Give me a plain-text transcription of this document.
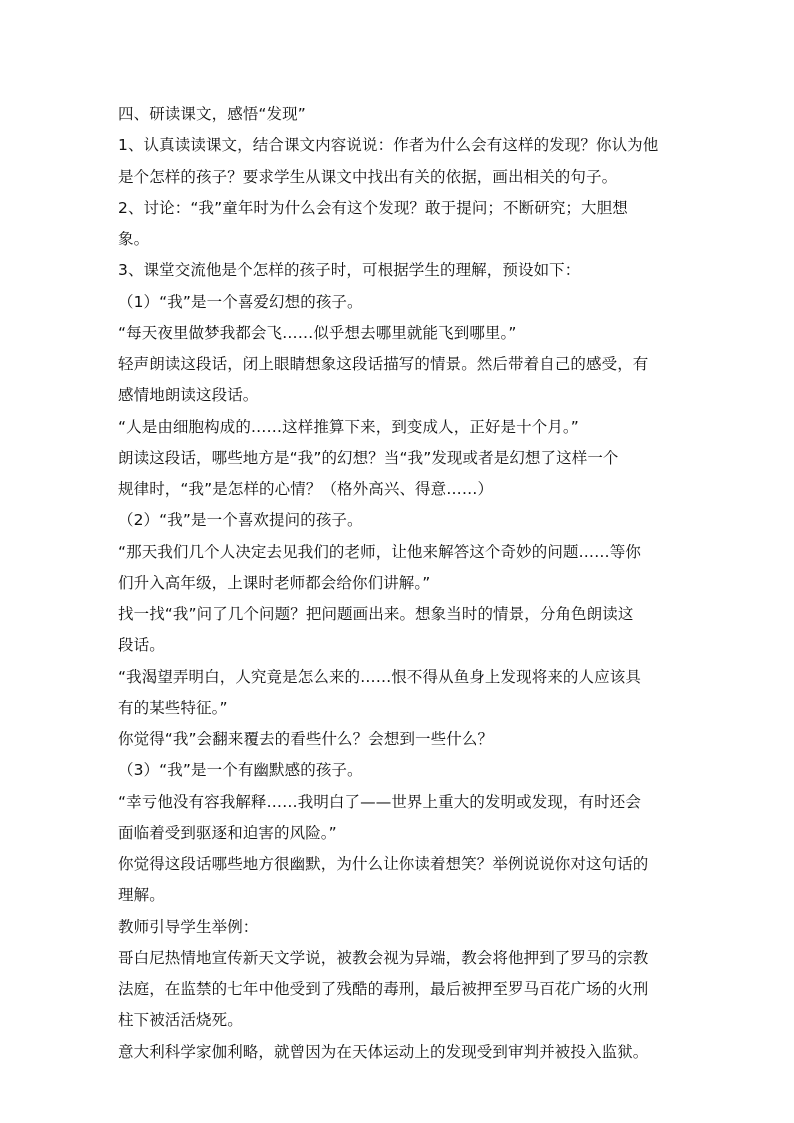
四、研读课文，感悟“发现”
1、认真读读课文，结合课文内容说说：作者为什么会有这样的发现？你认为他
是个怎样的孩子？要求学生从课文中找出有关的依据，画出相关的句子。
2、讨论：“我”童年时为什么会有这个发现？敢于提问；不断研究；大胆想
象。
3、课堂交流他是个怎样的孩子时，可根据学生的理解，预设如下：
（1）“我”是一个喜爱幻想的孩子。
“每天夜里做梦我都会飞……似乎想去哪里就能飞到哪里。”
轻声朗读这段话，闭上眼睛想象这段话描写的情景。然后带着自己的感受，有
感情地朗读这段话。
“人是由细胞构成的……这样推算下来，到变成人，正好是十个月。”
朗读这段话，哪些地方是“我”的幻想？当“我”发现或者是幻想了这样一个
规律时，“我”是怎样的心情？（格外高兴、得意……）
（2）“我”是一个喜欢提问的孩子。
“那天我们几个人决定去见我们的老师，让他来解答这个奇妙的问题……等你
们升入高年级，上课时老师都会给你们讲解。”
找一找“我”问了几个问题？把问题画出来。想象当时的情景，分角色朗读这
段话。
“我渴望弄明白，人究竟是怎么来的……恨不得从鱼身上发现将来的人应该具
有的某些特征。”
你觉得“我”会翻来覆去的看些什么？会想到一些什么？
（3）“我”是一个有幽默感的孩子。
“幸亏他没有容我解释……我明白了——世界上重大的发明或发现，有时还会
面临着受到驱逐和迫害的风险。”
你觉得这段话哪些地方很幽默，为什么让你读着想笑？举例说说你对这句话的
理解。
教师引导学生举例：
哥白尼热情地宣传新天文学说，被教会视为异端，教会将他押到了罗马的宗教
法庭，在监禁的七年中他受到了残酷的毒刑，最后被押至罗马百花广场的火刑
柱下被活活烧死。
意大利科学家伽利略，就曾因为在天体运动上的发现受到审判并被投入监狱。
